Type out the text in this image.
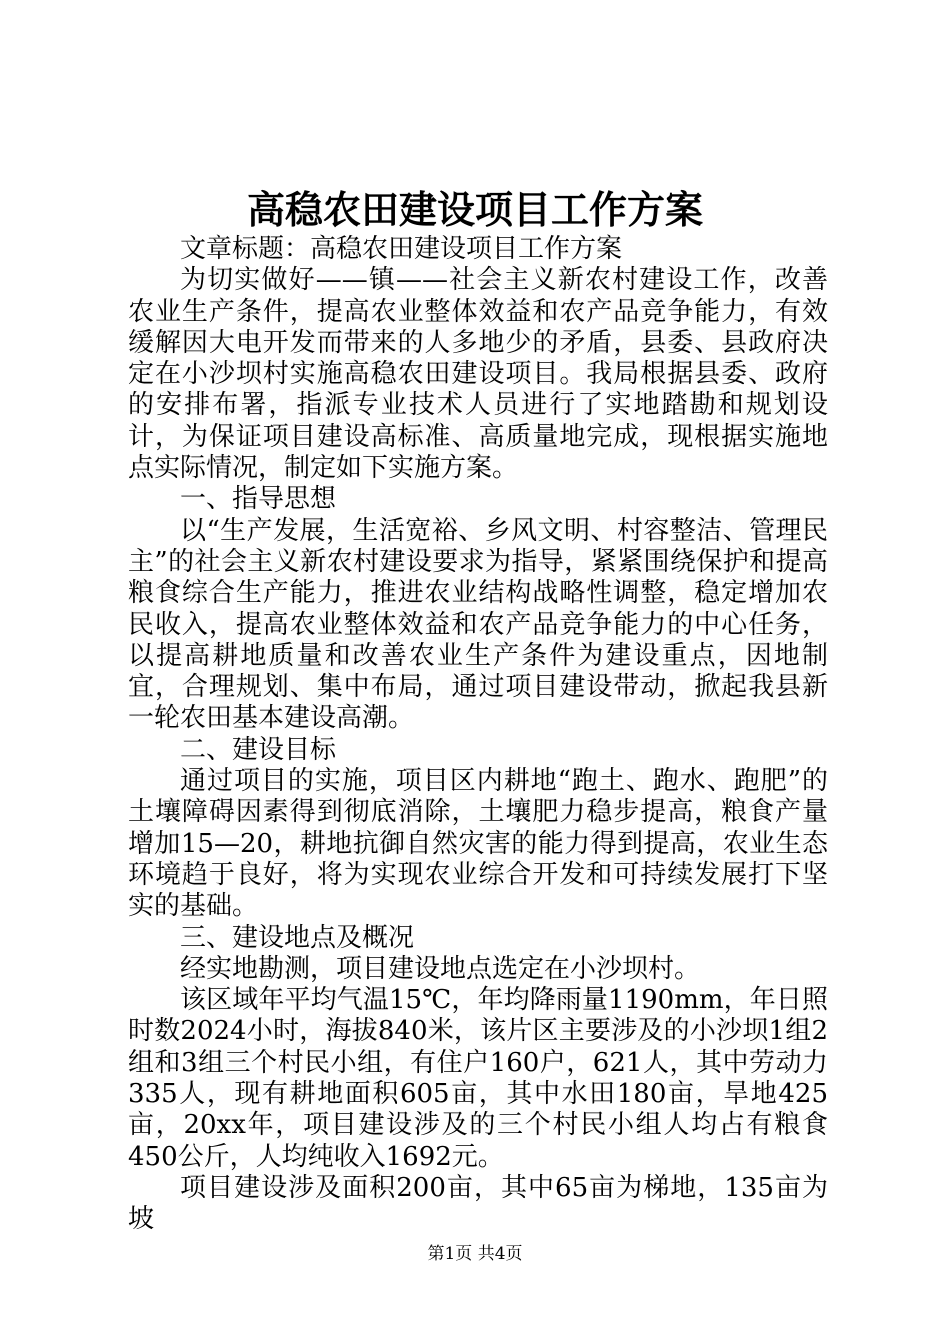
高稳农田建设项目工作方案

文章标题：高稳农田建设项目工作方案

为切实做好——镇——社会主义新农村建设工作，改善农业生产条件，提高农业整体效益和农产品竞争能力，有效缓解因大电开发而带来的人多地少的矛盾，县委、县政府决定在小沙坝村实施高稳农田建设项目。我局根据县委、政府的安排布署，指派专业技术人员进行了实地踏勘和规划设计，为保证项目建设高标准、高质量地完成，现根据实施地点实际情况，制定如下实施方案。

一、指导思想

以“生产发展，生活宽裕、乡风文明、村容整洁、管理民主”的社会主义新农村建设要求为指导，紧紧围绕保护和提高粮食综合生产能力，推进农业结构战略性调整，稳定增加农民收入，提高农业整体效益和农产品竞争能力的中心任务，以提高耕地质量和改善农业生产条件为建设重点，因地制宜，合理规划、集中布局，通过项目建设带动，掀起我县新一轮农田基本建设高潮。

二、建设目标

通过项目的实施，项目区内耕地“跑土、跑水、跑肥”的土壤障碍因素得到彻底消除，土壤肥力稳步提高，粮食产量增加15—20，耕地抗御自然灾害的能力得到提高，农业生态环境趋于良好，将为实现农业综合开发和可持续发展打下坚实的基础。

三、建设地点及概况

经实地勘测，项目建设地点选定在小沙坝村。

该区域年平均气温15℃，年均降雨量1190mm，年日照时数2024小时，海拔840米，该片区主要涉及的小沙坝1组2组和3组三个村民小组，有住户160户，621人，其中劳动力335人，现有耕地面积605亩，其中水田180亩，旱地425亩，20xx年，项目建设涉及的三个村民小组人均占有粮食450公斤，人均纯收入1692元。

项目建设涉及面积200亩，其中65亩为梯地，135亩为坡

第1页 共4页
